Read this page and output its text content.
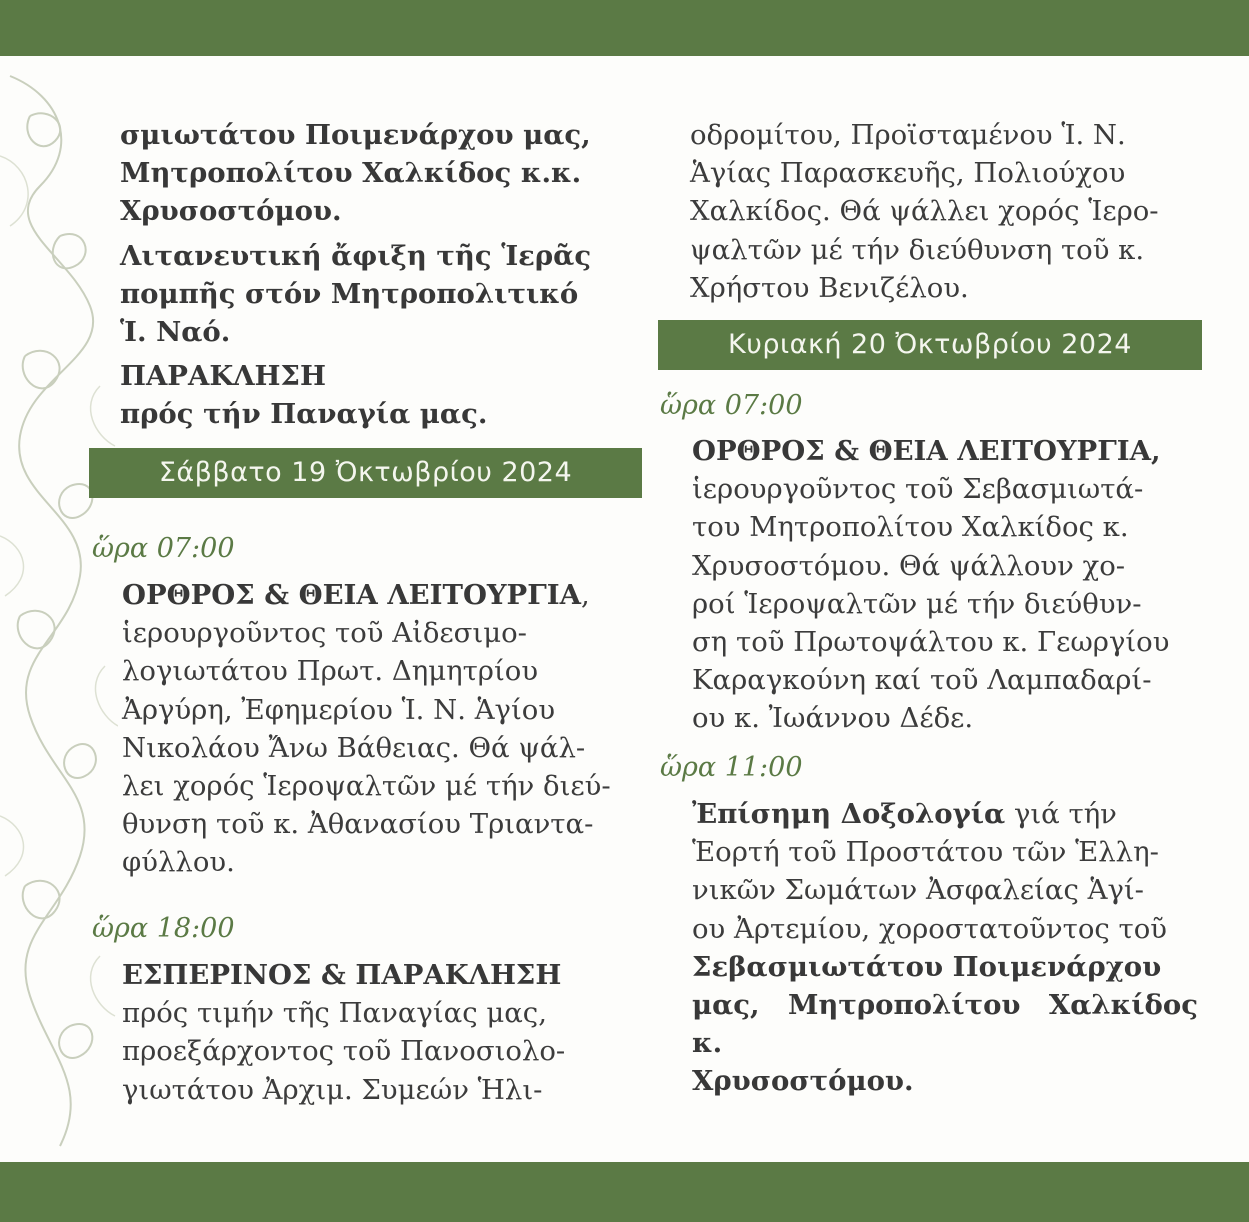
σμιωτάτου Ποιμενάρχου μας,

Μητροπολίτου Χαλκίδος κ.κ.

Χρυσοστόμου.

Λιτανευτική ἄφιξη τῆς Ἱερᾶς

πομπῆς στόν Μητροπολιτικό

Ἱ. Ναό.

ΠΑΡΑΚΛΗΣΗ

πρός τήν Παναγία μας.

Σάββατο 19 Ὀκτωβρίου 2024
ὥρα 07:00

ΟΡΘΡΟΣ & ΘΕΙΑ ΛΕΙΤΟΥΡΓΙΑ,

ἱερουργοῦντος τοῦ Αἰδεσιμο-

λογιωτάτου Πρωτ. Δημητρίου

Ἀργύρη, Ἐφημερίου Ἱ. Ν. Ἁγίου

Νικολάου Ἄνω Βάθειας. Θά ψάλ-

λει χορός Ἱεροψαλτῶν μέ τήν διεύ-

θυνση τοῦ κ. Ἀθανασίου Τριαντα-

φύλλου.

ὥρα 18:00

ΕΣΠΕΡΙΝΟΣ & ΠΑΡΑΚΛΗΣΗ

πρός τιμήν τῆς Παναγίας μας,

προεξάρχοντος τοῦ Πανοσιολο-

γιωτάτου Ἀρχιμ. Συμεών Ἡλι-

οδρομίτου, Προϊσταμένου Ἱ. Ν.

Ἁγίας Παρασκευῆς, Πολιούχου

Χαλκίδος. Θά ψάλλει χορός Ἱερο-

ψαλτῶν μέ τήν διεύθυνση τοῦ κ.

Χρήστου Βενιζέλου.

Κυριακή 20 Ὀκτωβρίου 2024
ὥρα 07:00

ΟΡΘΡΟΣ & ΘΕΙΑ ΛΕΙΤΟΥΡΓΙΑ,

ἱερουργοῦντος τοῦ Σεβασμιωτά-

του Μητροπολίτου Χαλκίδος κ.

Χρυσοστόμου. Θά ψάλλουν χο-

ροί Ἱεροψαλτῶν μέ τήν διεύθυν-

ση τοῦ Πρωτοψάλτου κ. Γεωργίου

Καραγκούνη καί τοῦ Λαμπαδαρί-

ου κ. Ἰωάννου Δέδε.

ὥρα 11:00

Ἐπίσημη Δοξολογία γιά τήν

Ἑορτή τοῦ Προστάτου τῶν Ἑλλη-

νικῶν Σωμάτων Ἀσφαλείας Ἁγί-

ου Ἀρτεμίου, χοροστατοῦντος τοῦ

Σεβασμιωτάτου Ποιμενάρχου

μας, Μητροπολίτου Χαλκίδος κ.

Χρυσοστόμου.
